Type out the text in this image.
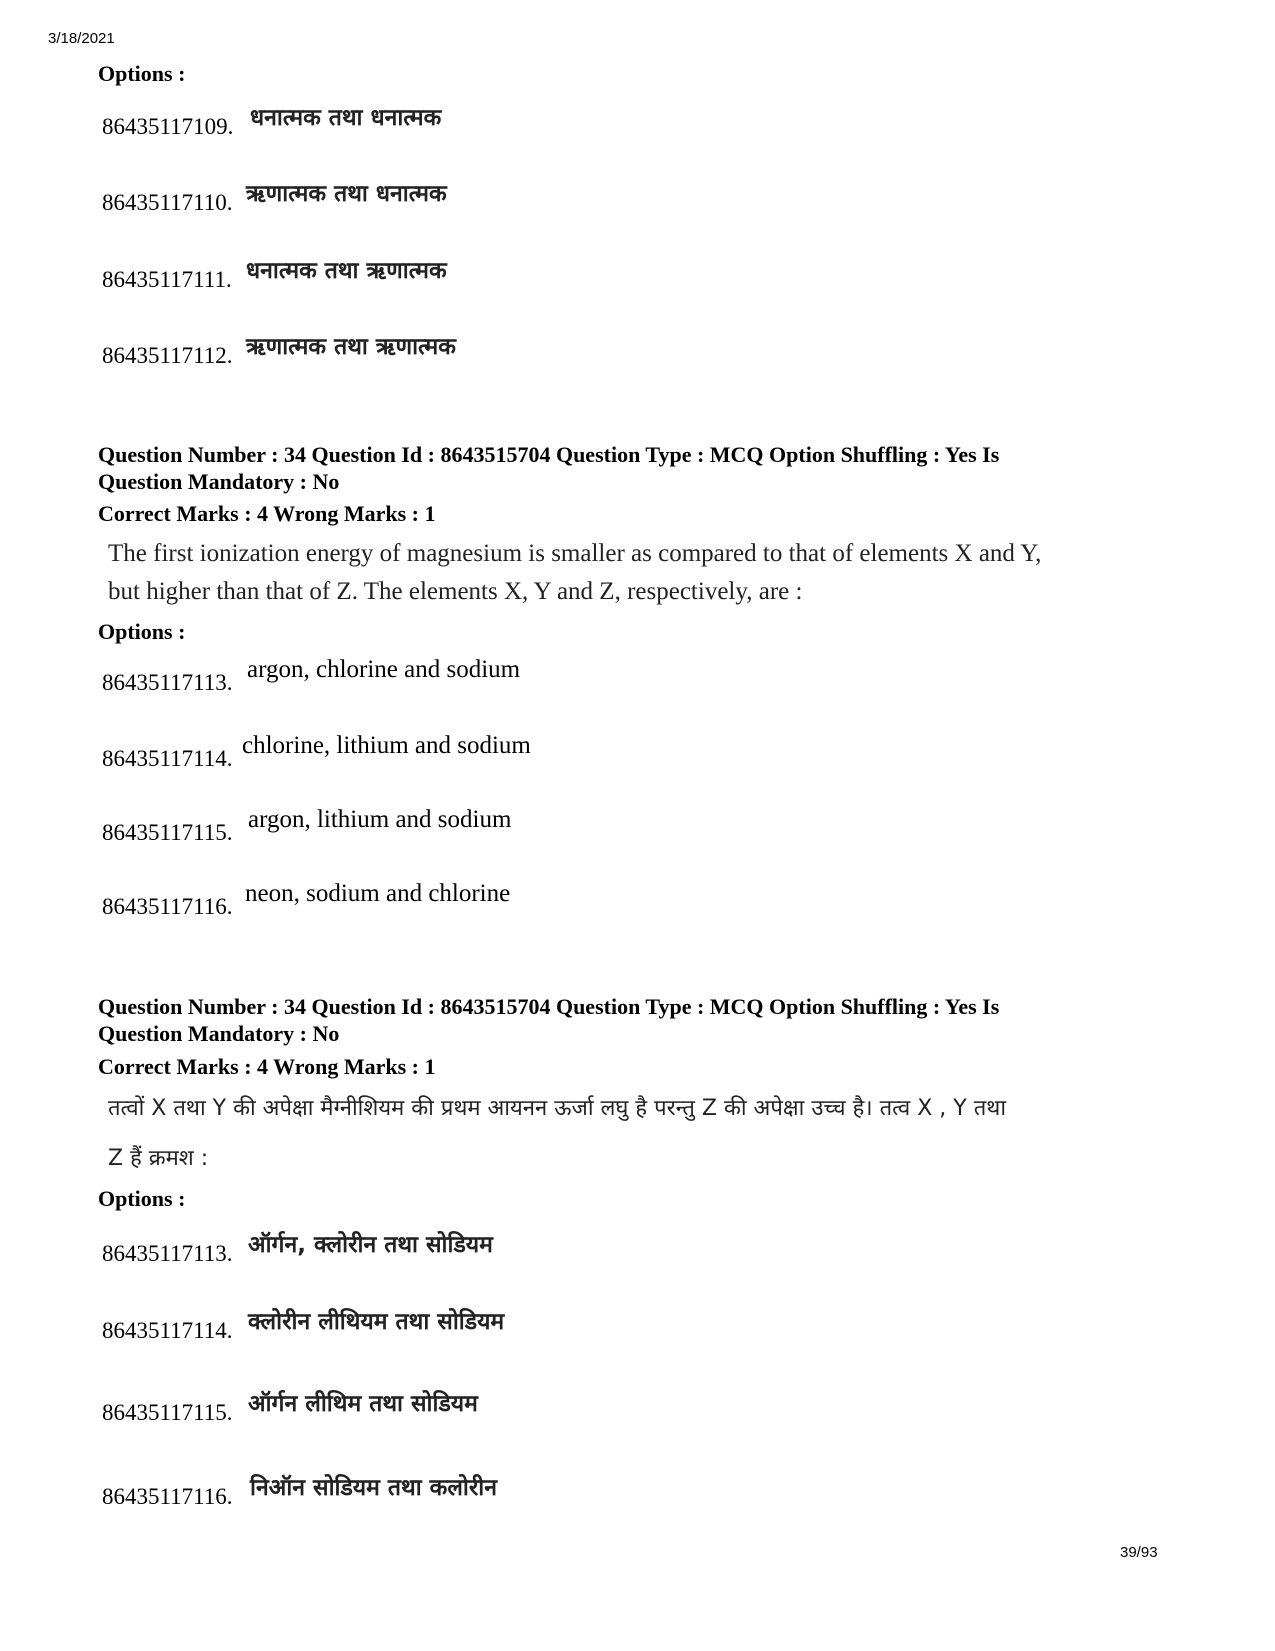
3/18/2021
39/93
Options :
86435117109. धनात्मक तथा धनात्मक
86435117110. ऋणात्मक तथा धनात्मक
86435117111. धनात्मक तथा ऋणात्मक
86435117112. ऋणात्मक तथा ऋणात्मक
Question Number : 34 Question Id : 8643515704 Question Type : MCQ Option Shuffling : Yes Is
Question Mandatory : No
Correct Marks : 4 Wrong Marks : 1
The first ionization energy of magnesium is smaller as compared to that of elements X and Y,
but higher than that of Z. The elements X, Y and Z, respectively, are :
Options :
86435117113. argon, chlorine and sodium
86435117114. chlorine, lithium and sodium
86435117115. argon, lithium and sodium
86435117116. neon, sodium and chlorine
Question Number : 34 Question Id : 8643515704 Question Type : MCQ Option Shuffling : Yes Is
Question Mandatory : No
Correct Marks : 4 Wrong Marks : 1
तत्वों X तथा Y की अपेक्षा मैग्नीशियम की प्रथम आयनन ऊर्जा लघु है परन्तु Z की अपेक्षा उच्च है। तत्व X , Y तथा
Z हैं क्रमश :
Options :
86435117113. ऑर्गन, क्लोरीन तथा सोडियम
86435117114. क्लोरीन लीथियम तथा सोडियम
86435117115. ऑर्गन लीथिम तथा सोडियम
86435117116. निऑन सोडियम तथा कलोरीन
